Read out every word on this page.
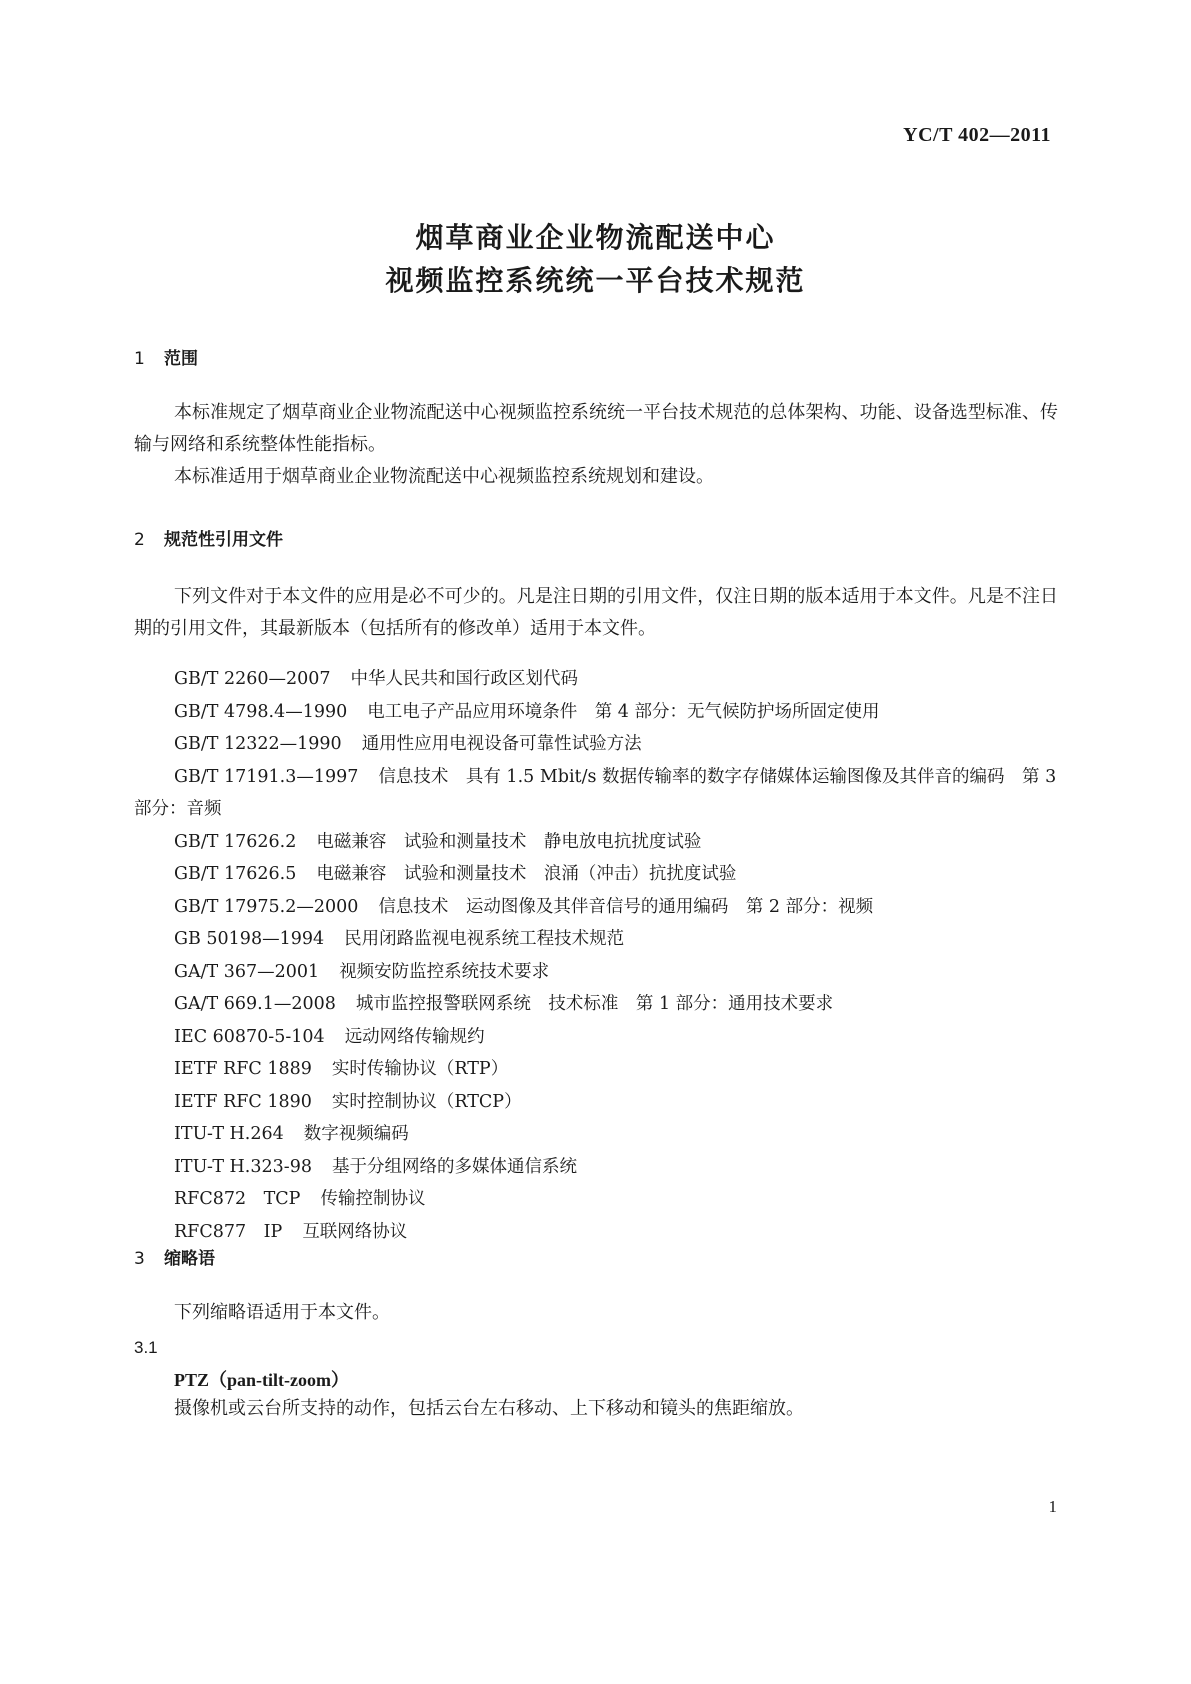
YC/T 402—2011
烟草商业企业物流配送中心
视频监控系统统一平台技术规范
1 范围
本标准规定了烟草商业企业物流配送中心视频监控系统统一平台技术规范的总体架构、功能、设备选型标准、传输与网络和系统整体性能指标。
本标准适用于烟草商业企业物流配送中心视频监控系统规划和建设。
2 规范性引用文件
下列文件对于本文件的应用是必不可少的。凡是注日期的引用文件，仅注日期的版本适用于本文件。凡是不注日期的引用文件，其最新版本（包括所有的修改单）适用于本文件。
GB/T 2260—2007 中华人民共和国行政区划代码
GB/T 4798.4—1990 电工电子产品应用环境条件　第 4 部分：无气候防护场所固定使用
GB/T 12322—1990 通用性应用电视设备可靠性试验方法
GB/T 17191.3—1997 信息技术　具有 1.5 Mbit/s 数据传输率的数字存储媒体运输图像及其伴音的编码　第 3 部分：音频
GB/T 17626.2 电磁兼容　试验和测量技术　静电放电抗扰度试验
GB/T 17626.5 电磁兼容　试验和测量技术　浪涌（冲击）抗扰度试验
GB/T 17975.2—2000 信息技术　运动图像及其伴音信号的通用编码　第 2 部分：视频
GB 50198—1994 民用闭路监视电视系统工程技术规范
GA/T 367—2001 视频安防监控系统技术要求
GA/T 669.1—2008 城市监控报警联网系统　技术标准　第 1 部分：通用技术要求
IEC 60870-5-104 远动网络传输规约
IETF RFC 1889 实时传输协议（RTP）
IETF RFC 1890 实时控制协议（RTCP）
ITU-T H.264 数字视频编码
ITU-T H.323-98 基于分组网络的多媒体通信系统
RFC872　TCP 传输控制协议
RFC877　IP 互联网络协议
3 缩略语
下列缩略语适用于本文件。
3.1
PTZ（pan-tilt-zoom）
摄像机或云台所支持的动作，包括云台左右移动、上下移动和镜头的焦距缩放。
1
